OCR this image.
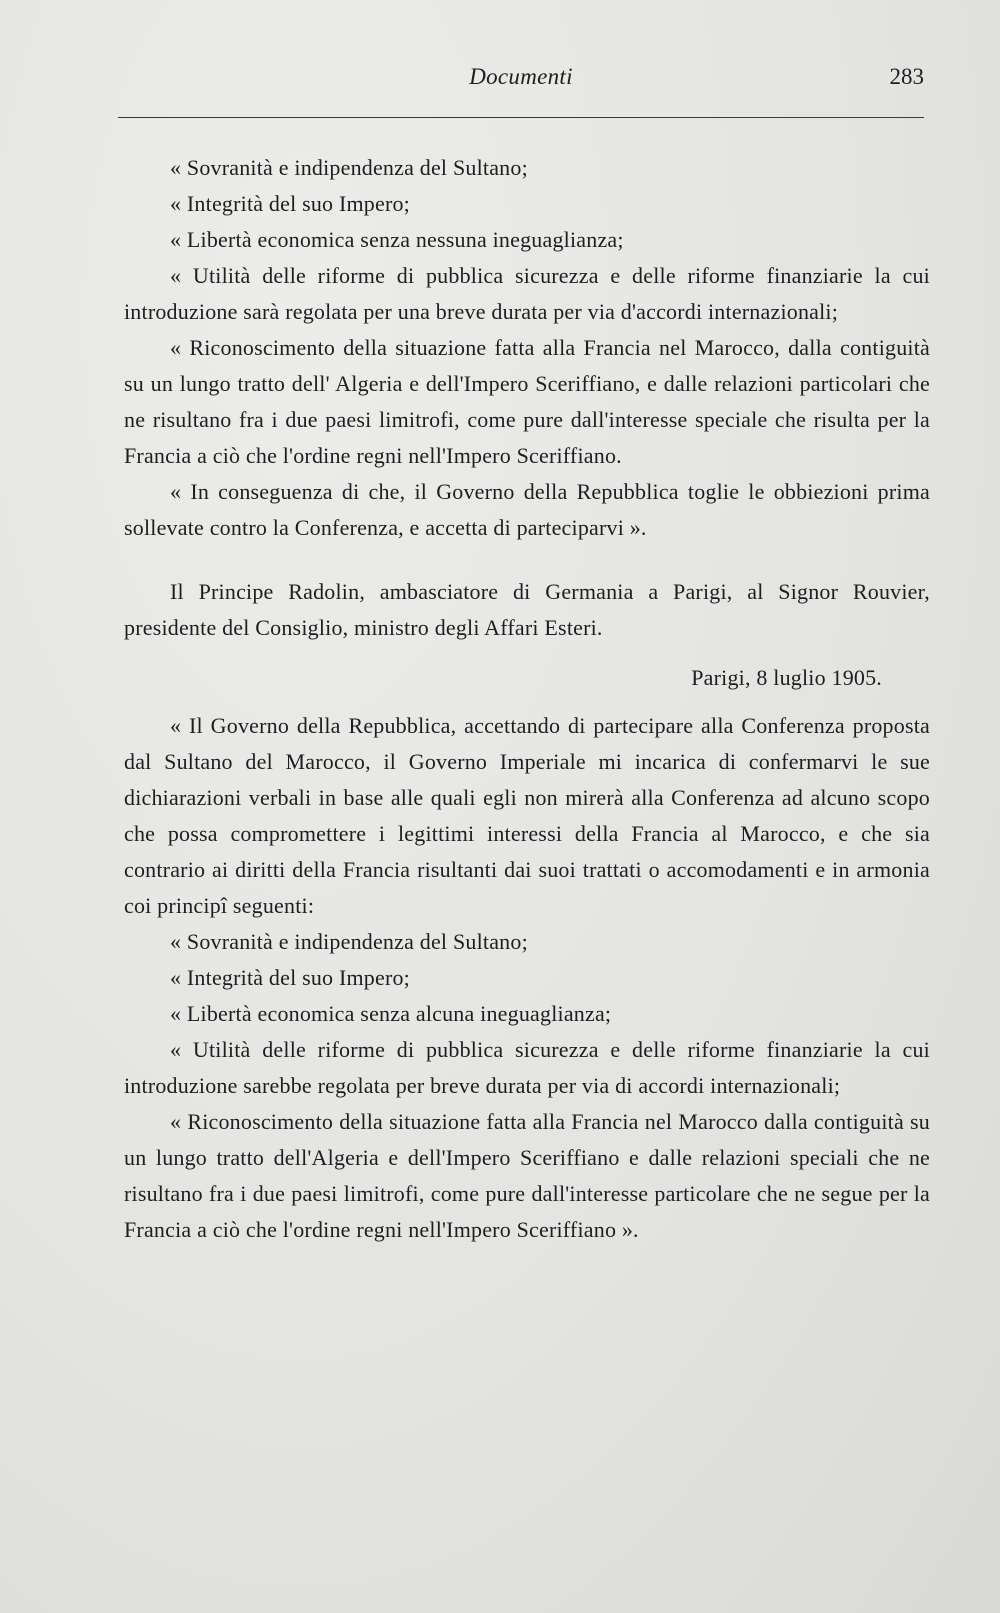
Documenti	283

« Sovranità e indipendenza del Sultano;

« Integrità del suo Impero;

« Libertà economica senza nessuna ineguaglianza;

« Utilità delle riforme di pubblica sicurezza e delle riforme finanziarie la cui introduzione sarà regolata per una breve durata per via d'accordi internazionali;

« Riconoscimento della situazione fatta alla Francia nel Marocco, dalla contiguità su un lungo tratto dell' Algeria e dell'Impero Sceriffiano, e dalle relazioni particolari che ne risultano fra i due paesi limitrofi, come pure dall'interesse speciale che risulta per la Francia a ciò che l'ordine regni nell'Impero Sceriffiano.

« In conseguenza di che, il Governo della Repubblica toglie le obbiezioni prima sollevate contro la Conferenza, e accetta di parteciparvi ».

Il Principe Radolin, ambasciatore di Germania a Parigi, al Signor Rouvier, presidente del Consiglio, ministro degli Affari Esteri.

Parigi, 8 luglio 1905.

« Il Governo della Repubblica, accettando di partecipare alla Conferenza proposta dal Sultano del Marocco, il Governo Imperiale mi incarica di confermarvi le sue dichiarazioni verbali in base alle quali egli non mirerà alla Conferenza ad alcuno scopo che possa compromettere i legittimi interessi della Francia al Marocco, e che sia contrario ai diritti della Francia risultanti dai suoi trattati o accomodamenti e in armonia coi principî seguenti:

« Sovranità e indipendenza del Sultano;

« Integrità del suo Impero;

« Libertà economica senza alcuna ineguaglianza;

« Utilità delle riforme di pubblica sicurezza e delle riforme finanziarie la cui introduzione sarebbe regolata per breve durata per via di accordi internazionali;

« Riconoscimento della situazione fatta alla Francia nel Marocco dalla contiguità su un lungo tratto dell'Algeria e dell'Impero Sceriffiano e dalle relazioni speciali che ne risultano fra i due paesi limitrofi, come pure dall'interesse particolare che ne segue per la Francia a ciò che l'ordine regni nell'Impero Sceriffiano ».
